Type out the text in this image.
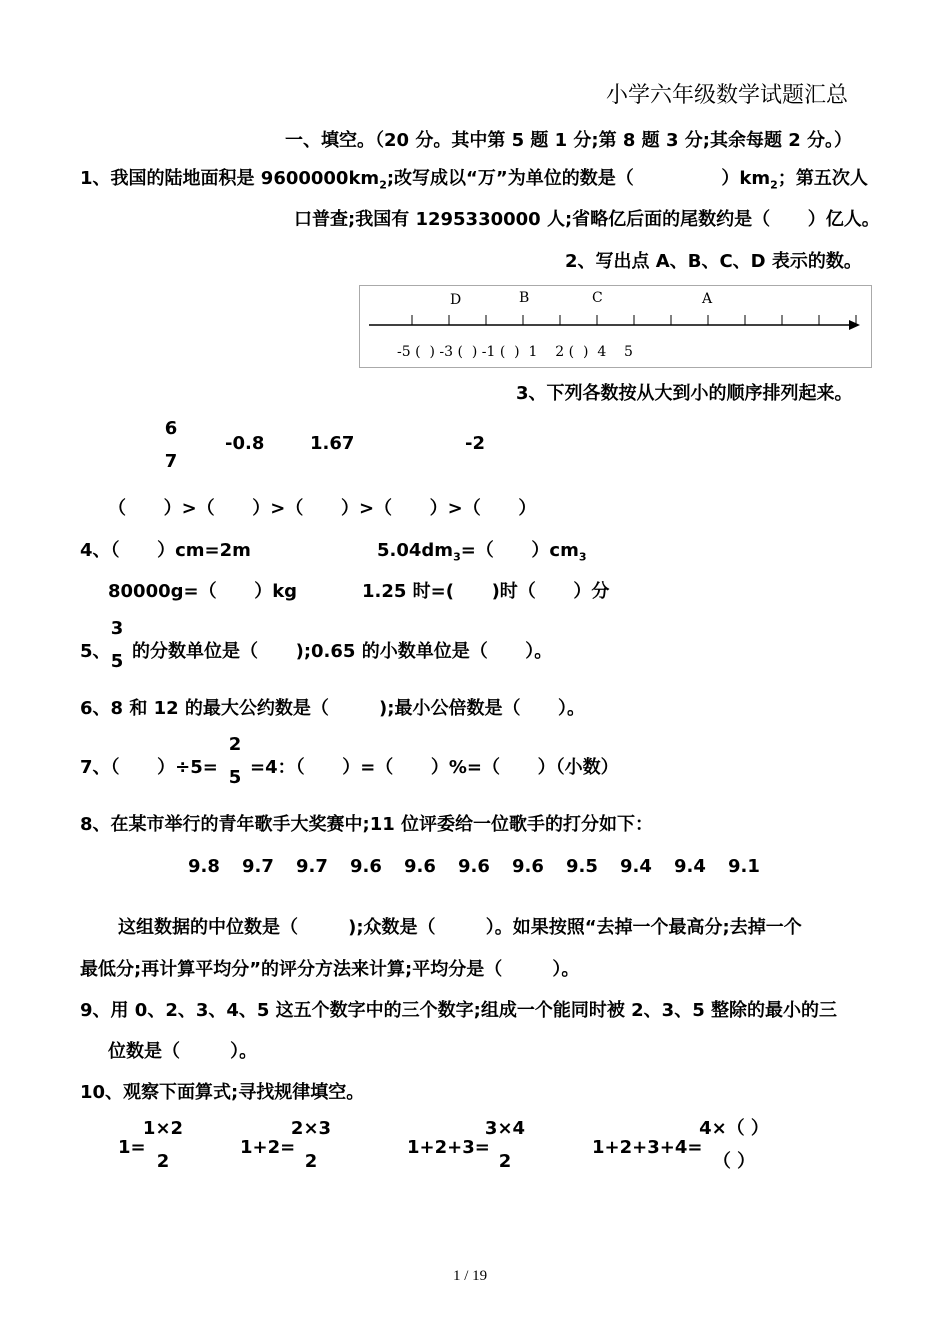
小学六年级数学试题汇总
一、填空。（20 分。其中第 5 题 1 分;第 8 题 3 分;其余每题 2 分。）
1、我国的陆地面积是 $9600000km_2$;改写成以“万”为单位的数是（              ）$km_2$；第五次人
口普查;我国有 1295330000 人;省略亿后面的尾数约是（      ）亿人。
2、写出点 A、B、C、D 表示的数。
D	B	C	A
-5 (  ) -3 (  ) -1 (  )  1    2 (  )  4    5
3、下列各数按从大到小的顺序排列起来。
6
7
-0.8	1.67	-2
（      ）>（      ）>（      ）>（      ）>（      ）
4、（      ）cm=2m	$5.04dm_3=$（      ）$cm_3$
80000g=（      ）kg	1.25 时=(      )时（      ）分
5、
3
5 的分数单位是（      );0.65 的小数单位是（      ）。
6、8 和 12 的最大公约数是（        );最小公倍数是（      ）。
7、（      ）÷5=
2
5 =4：（      ）=（      ）%=（      ）（小数）
8、在某市举行的青年歌手大奖赛中;11 位评委给一位歌手的打分如下：
9.8 9.7 9.7 9.6 9.6 9.6 9.6 9.5 9.4 9.4 9.1
这组数据的中位数是（        );众数是（        ）。如果按照“去掉一个最高分;去掉一个
最低分;再计算平均分”的评分方法来计算;平均分是（        ）。
9、用 0、2、3、4、5 这五个数字中的三个数字;组成一个能同时被 2、3、5 整除的最小的三
位数是（        ）。
10、观察下面算式;寻找规律填空。
1=
1×2
2
1+2=
2×3
2
1+2+3=
3×4
2
1+2+3+4=
4×（ ）
（ ）
1 / 19
